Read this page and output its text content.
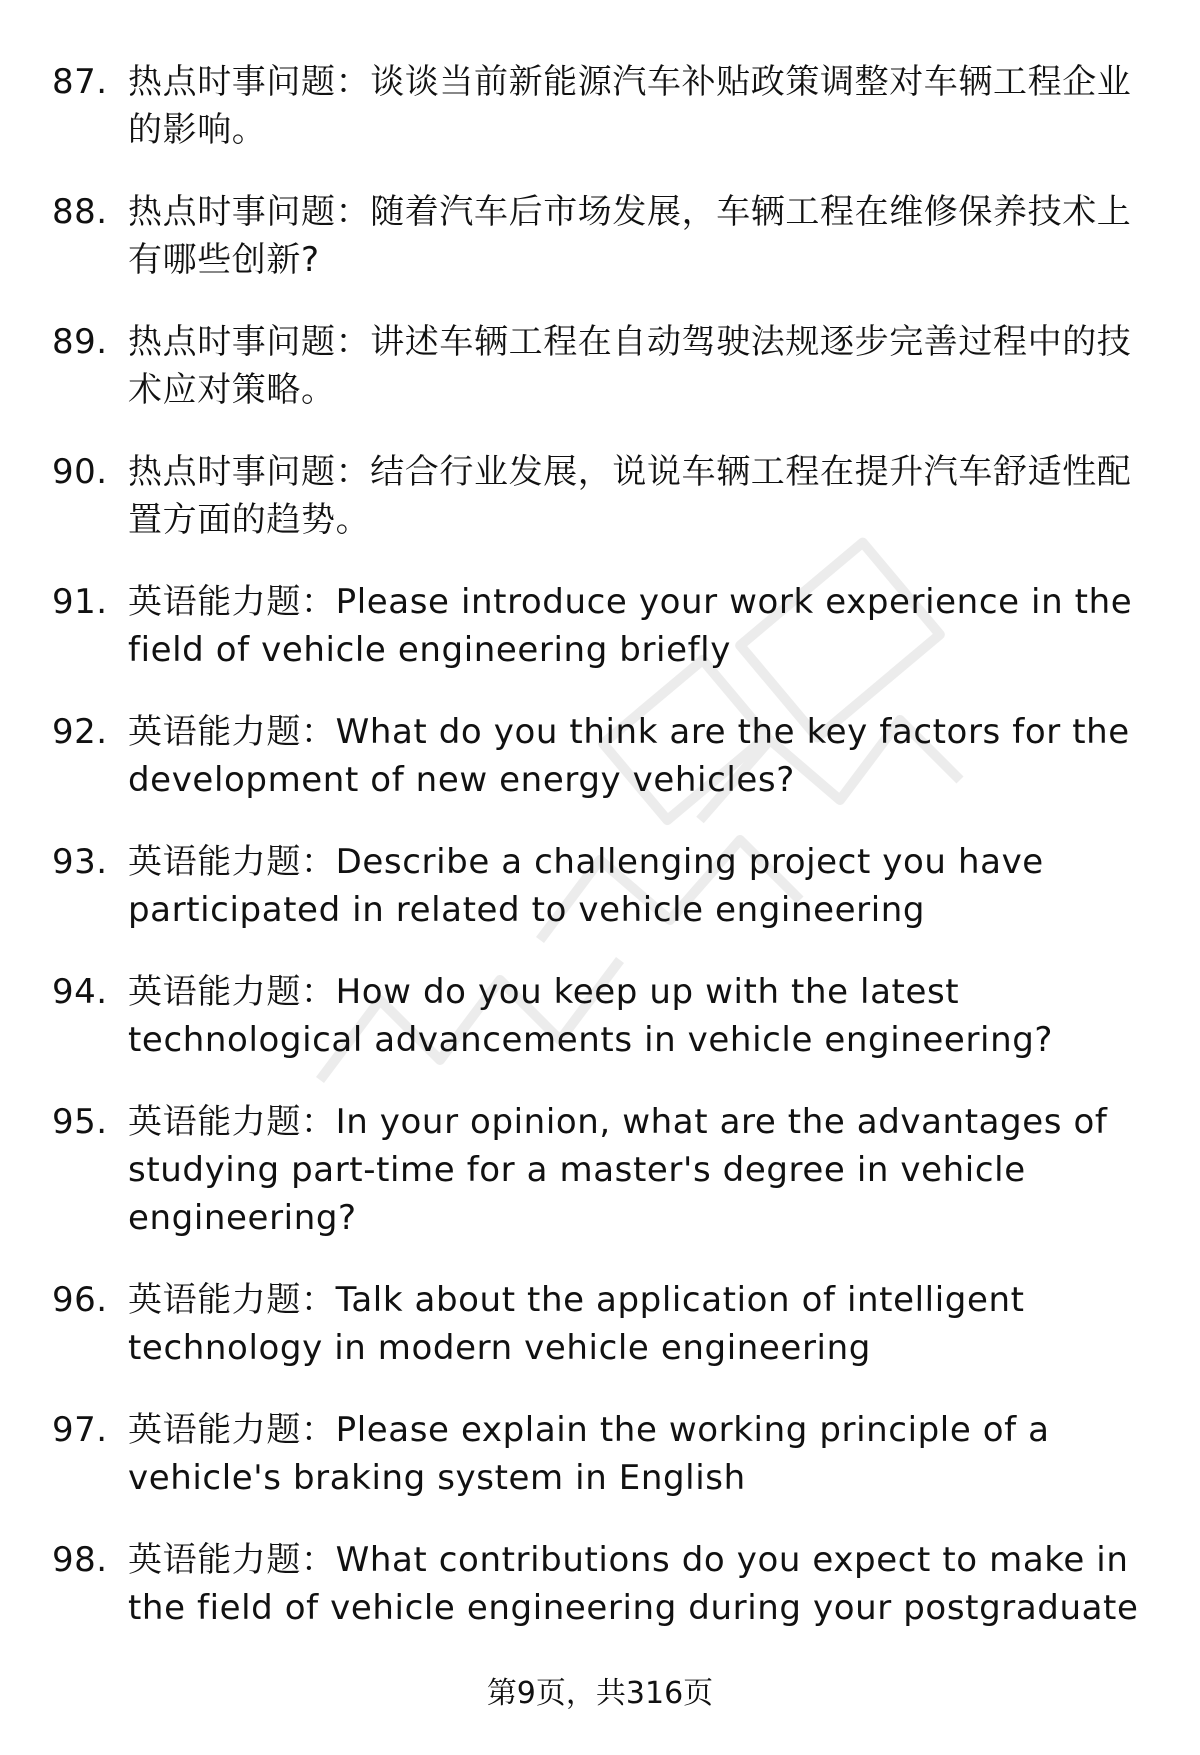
87. 热点时事问题：谈谈当前新能源汽车补贴政策调整对车辆工程企业的影响。
88. 热点时事问题：随着汽车后市场发展，车辆工程在维修保养技术上有哪些创新?
89. 热点时事问题：讲述车辆工程在自动驾驶法规逐步完善过程中的技术应对策略。
90. 热点时事问题：结合行业发展，说说车辆工程在提升汽车舒适性配置方面的趋势。
91. 英语能力题：Please introduce your work experience in the field of vehicle engineering briefly
92. 英语能力题：What do you think are the key factors for the development of new energy vehicles?
93. 英语能力题：Describe a challenging project you have participated in related to vehicle engineering
94. 英语能力题：How do you keep up with the latest technological advancements in vehicle engineering?
95. 英语能力题：In your opinion, what are the advantages of studying part-time for a master's degree in vehicle engineering?
96. 英语能力题：Talk about the application of intelligent technology in modern vehicle engineering
97. 英语能力题：Please explain the working principle of a vehicle's braking system in English
98. 英语能力题：What contributions do you expect to make in the field of vehicle engineering during your postgraduate
第9页，共316页
